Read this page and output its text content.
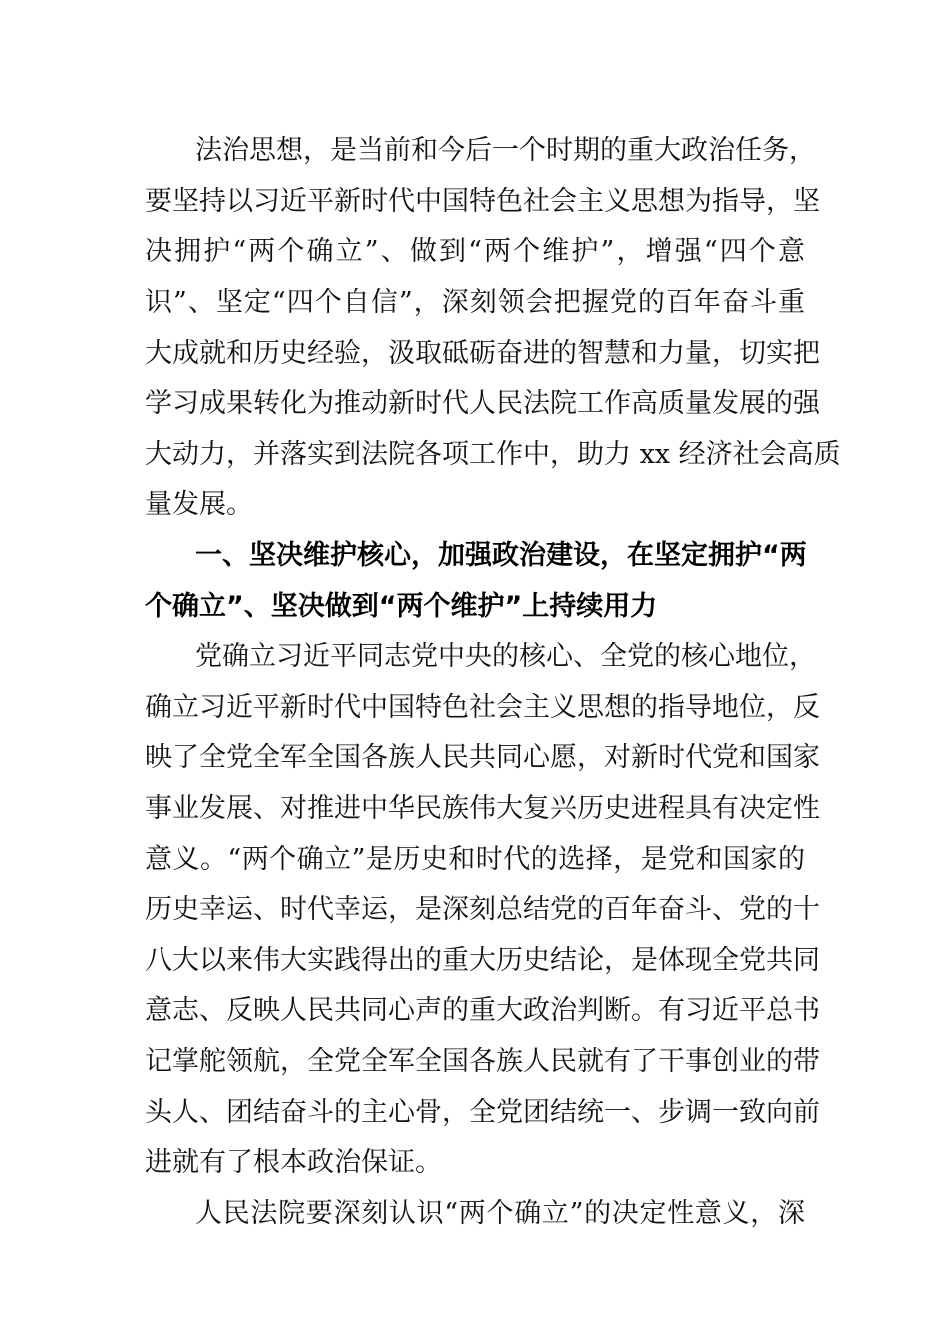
法治思想，是当前和今后一个时期的重大政治任务，
要坚持以习近平新时代中国特色社会主义思想为指导，坚
决拥护“两个确立”、做到“两个维护”，增强“四个意
识”、坚定“四个自信”，深刻领会把握党的百年奋斗重
大成就和历史经验，汲取砥砺奋进的智慧和力量，切实把
学习成果转化为推动新时代人民法院工作高质量发展的强
大动力，并落实到法院各项工作中，助力 xx 经济社会高质
量发展。
一、坚决维护核心，加强政治建设，在坚定拥护“两
个确立”、坚决做到“两个维护”上持续用力
党确立习近平同志党中央的核心、全党的核心地位，
确立习近平新时代中国特色社会主义思想的指导地位，反
映了全党全军全国各族人民共同心愿，对新时代党和国家
事业发展、对推进中华民族伟大复兴历史进程具有决定性
意义。“两个确立”是历史和时代的选择，是党和国家的
历史幸运、时代幸运，是深刻总结党的百年奋斗、党的十
八大以来伟大实践得出的重大历史结论，是体现全党共同
意志、反映人民共同心声的重大政治判断。有习近平总书
记掌舵领航，全党全军全国各族人民就有了干事创业的带
头人、团结奋斗的主心骨，全党团结统一、步调一致向前
进就有了根本政治保证。
人民法院要深刻认识“两个确立”的决定性意义，深
